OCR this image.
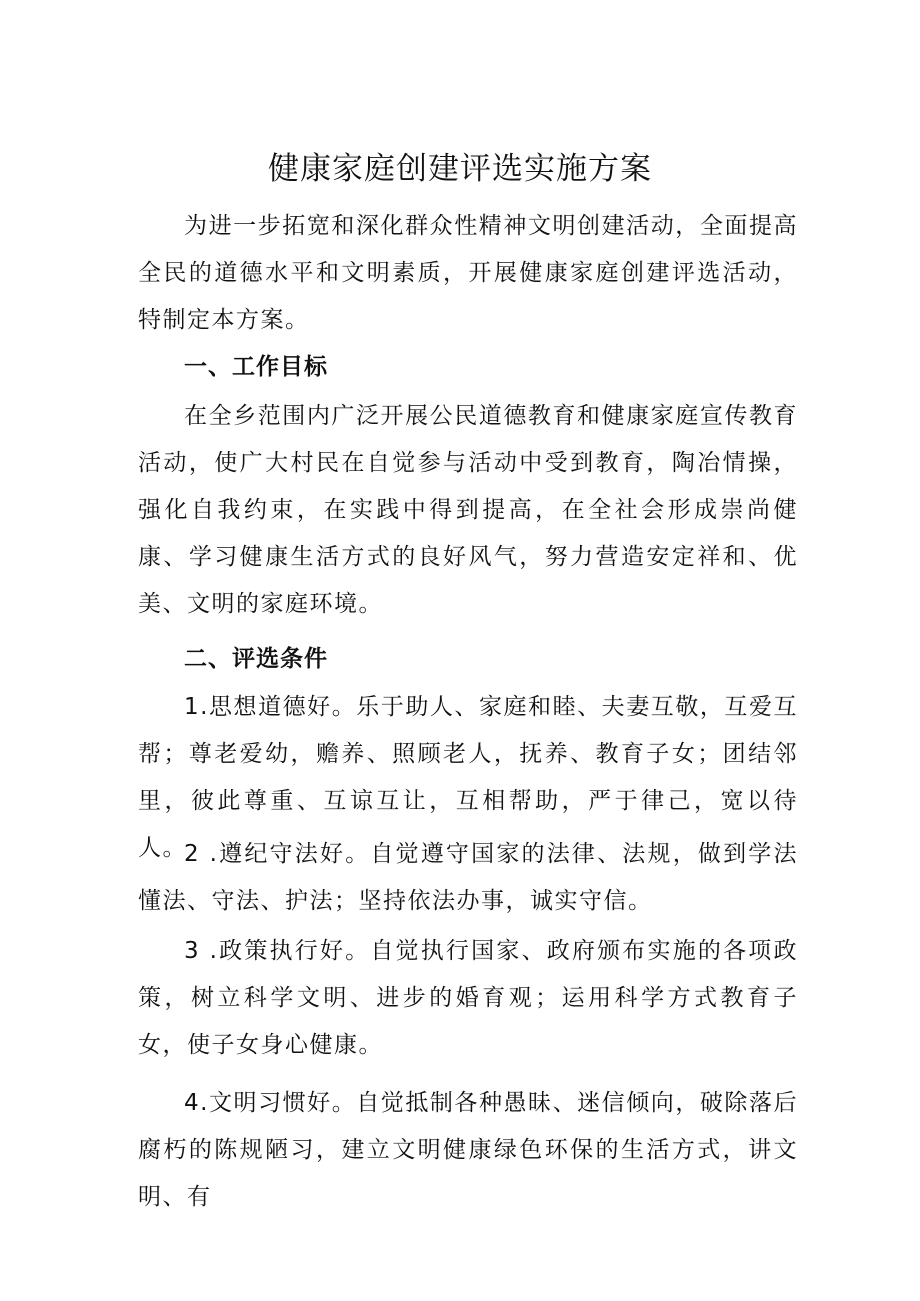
健康家庭创建评选实施方案

为进一步拓宽和深化群众性精神文明创建活动，全面提高全民的道德水平和文明素质，开展健康家庭创建评选活动，特制定本方案。

一、工作目标

在全乡范围内广泛开展公民道德教育和健康家庭宣传教育活动，使广大村民在自觉参与活动中受到教育，陶冶情操，强化自我约束，在实践中得到提高，在全社会形成崇尚健康、学习健康生活方式的良好风气，努力营造安定祥和、优美、文明的家庭环境。

二、评选条件

1.思想道德好。乐于助人、家庭和睦、夫妻互敬，互爱互帮；尊老爱幼，赡养、照顾老人，抚养、教育子女；团结邻里，彼此尊重、互谅互让，互相帮助，严于律己，宽以待人。

2 .遵纪守法好。自觉遵守国家的法律、法规，做到学法懂法、守法、护法；坚持依法办事，诚实守信。

3 .政策执行好。自觉执行国家、政府颁布实施的各项政策，树立科学文明、进步的婚育观；运用科学方式教育子女，使子女身心健康。

4.文明习惯好。自觉抵制各种愚昧、迷信倾向，破除落后腐朽的陈规陋习，建立文明健康绿色环保的生活方式，讲文明、有
